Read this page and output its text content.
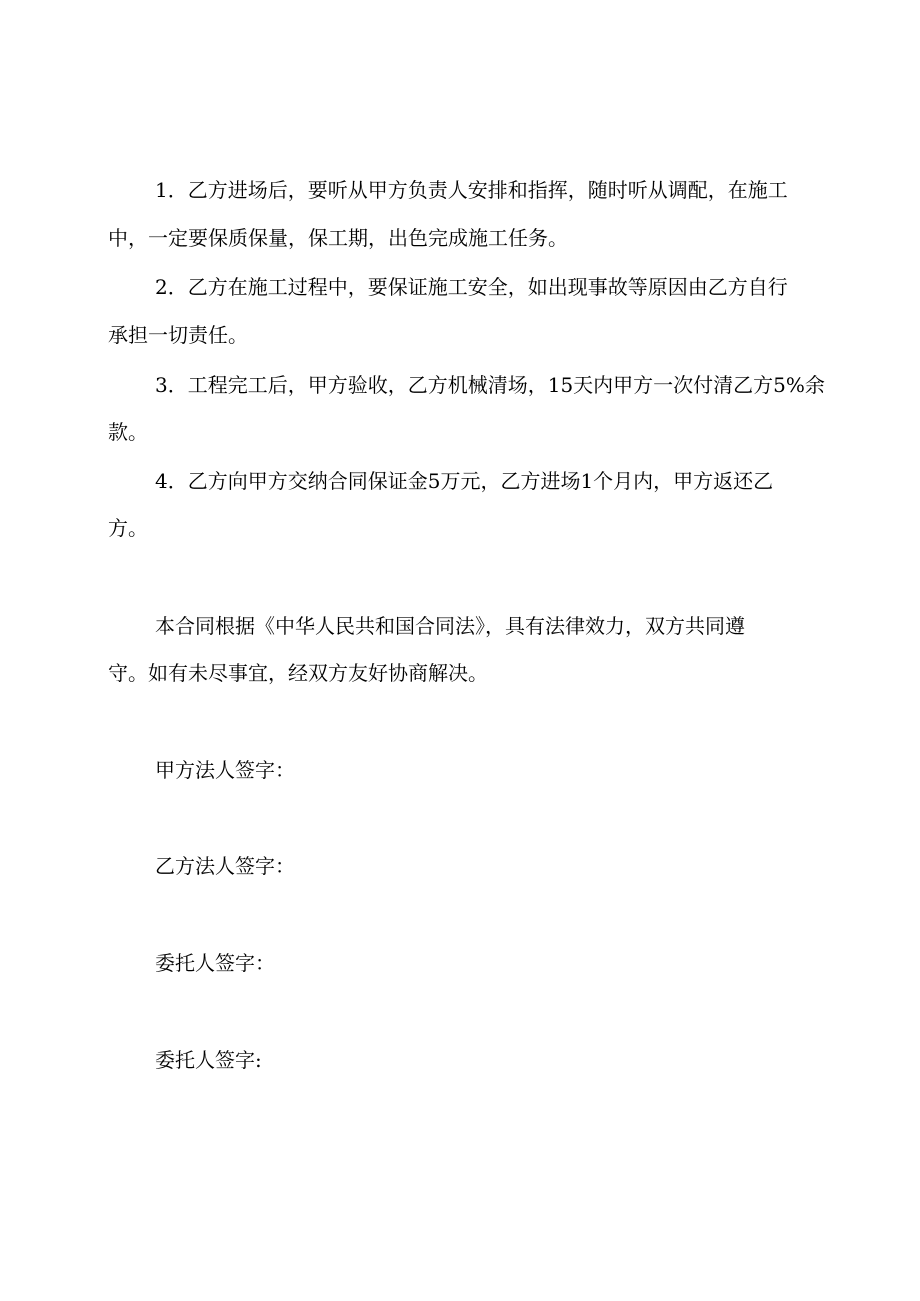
1．乙方进场后，要听从甲方负责人安排和指挥，随时听从调配，在施工
中，一定要保质保量，保工期，出色完成施工任务。
2．乙方在施工过程中，要保证施工安全，如出现事故等原因由乙方自行
承担一切责任。
3．工程完工后，甲方验收，乙方机械清场，15天内甲方一次付清乙方5%余
款。
4．乙方向甲方交纳合同保证金5万元，乙方进场1个月内，甲方返还乙
方。
本合同根据《中华人民共和国合同法》，具有法律效力，双方共同遵
守。如有未尽事宜，经双方友好协商解决。
甲方法人签字：
乙方法人签字：
委托人签字：
委托人签字:
